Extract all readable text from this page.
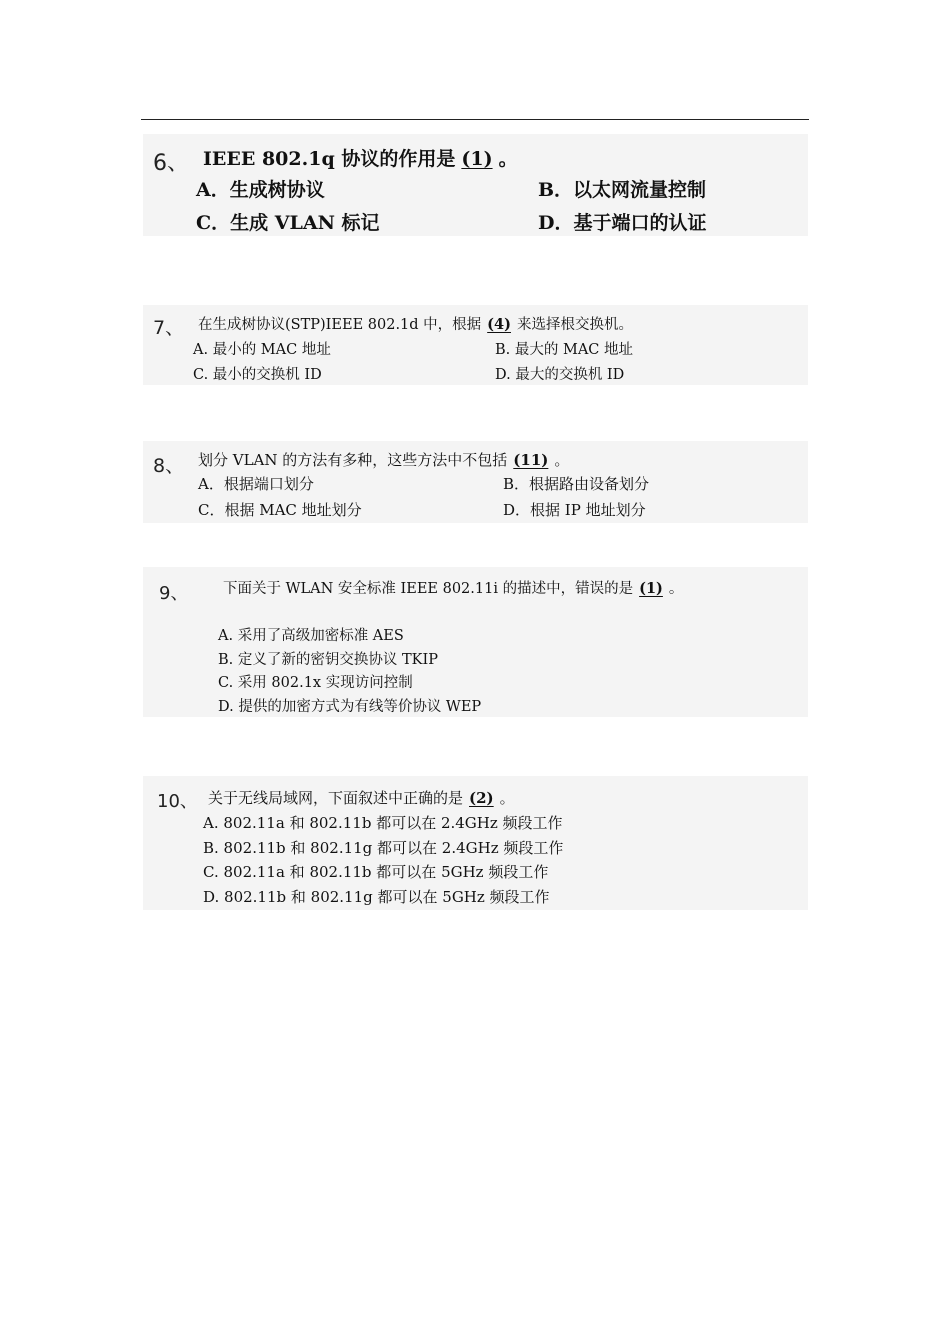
6、 IEEE 802.1q 协议的作用是 (1) 。
A．生成树协议	B．以太网流量控制
C．生成 VLAN 标记	D．基于端口的认证
7、 在生成树协议(STP)IEEE 802.1d 中，根据 (4) 来选择根交换机。
A. 最小的 MAC 地址	B. 最大的 MAC 地址
C. 最小的交换机 ID	D. 最大的交换机 ID
8、 划分 VLAN 的方法有多种，这些方法中不包括 (11) 。
A．根据端口划分	B．根据路由设备划分
C．根据 MAC 地址划分	D．根据 IP 地址划分
9、 下面关于 WLAN 安全标准 IEEE 802.11i 的描述中，错误的是 (1) 。
A. 采用了高级加密标准 AES
B. 定义了新的密钥交换协议 TKIP
C. 采用 802.1x 实现访问控制
D. 提供的加密方式为有线等价协议 WEP
10、 关于无线局域网，下面叙述中正确的是 (2) 。
A. 802.11a 和 802.11b 都可以在 2.4GHz 频段工作
B. 802.11b 和 802.11g 都可以在 2.4GHz 频段工作
C. 802.11a 和 802.11b 都可以在 5GHz 频段工作
D. 802.11b 和 802.11g 都可以在 5GHz 频段工作
